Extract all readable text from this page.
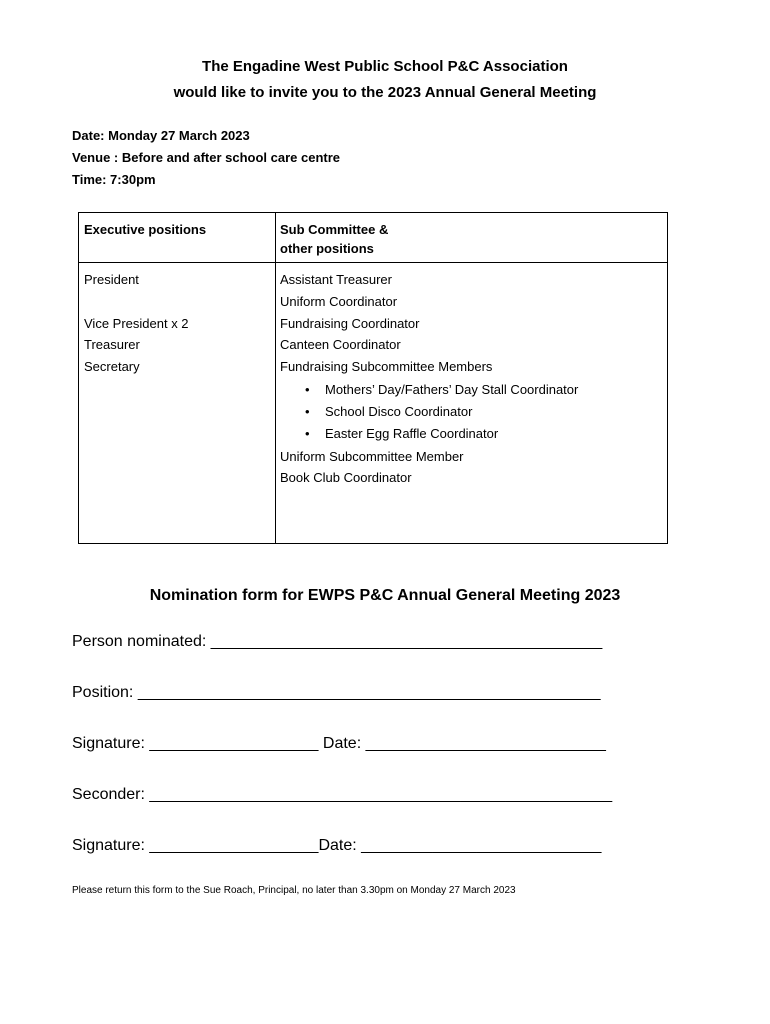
The Engadine West Public School P&C Association
would like to invite you to the 2023 Annual General Meeting
Date: Monday 27 March 2023
Venue : Before and after school care centre
Time: 7:30pm
Executive positions	Sub Committee &
other positions
President
Vice President x 2
Treasurer
Secretary
Assistant Treasurer
Uniform Coordinator
Fundraising Coordinator
Canteen Coordinator
Fundraising Subcommittee Members
• Mothers’ Day/Fathers’ Day Stall Coordinator
• School Disco Coordinator
• Easter Egg Raffle Coordinator
Uniform Subcommittee Member
Book Club Coordinator
Nomination form for EWPS P&C Annual General Meeting 2023
Person nominated: ____________________________________________
Position: ____________________________________________________
Signature: ___________________ Date: ___________________________
Seconder: ____________________________________________________
Signature: ___________________Date: ___________________________
Please return this form to the Sue Roach, Principal, no later than 3.30pm on Monday 27 March 2023
